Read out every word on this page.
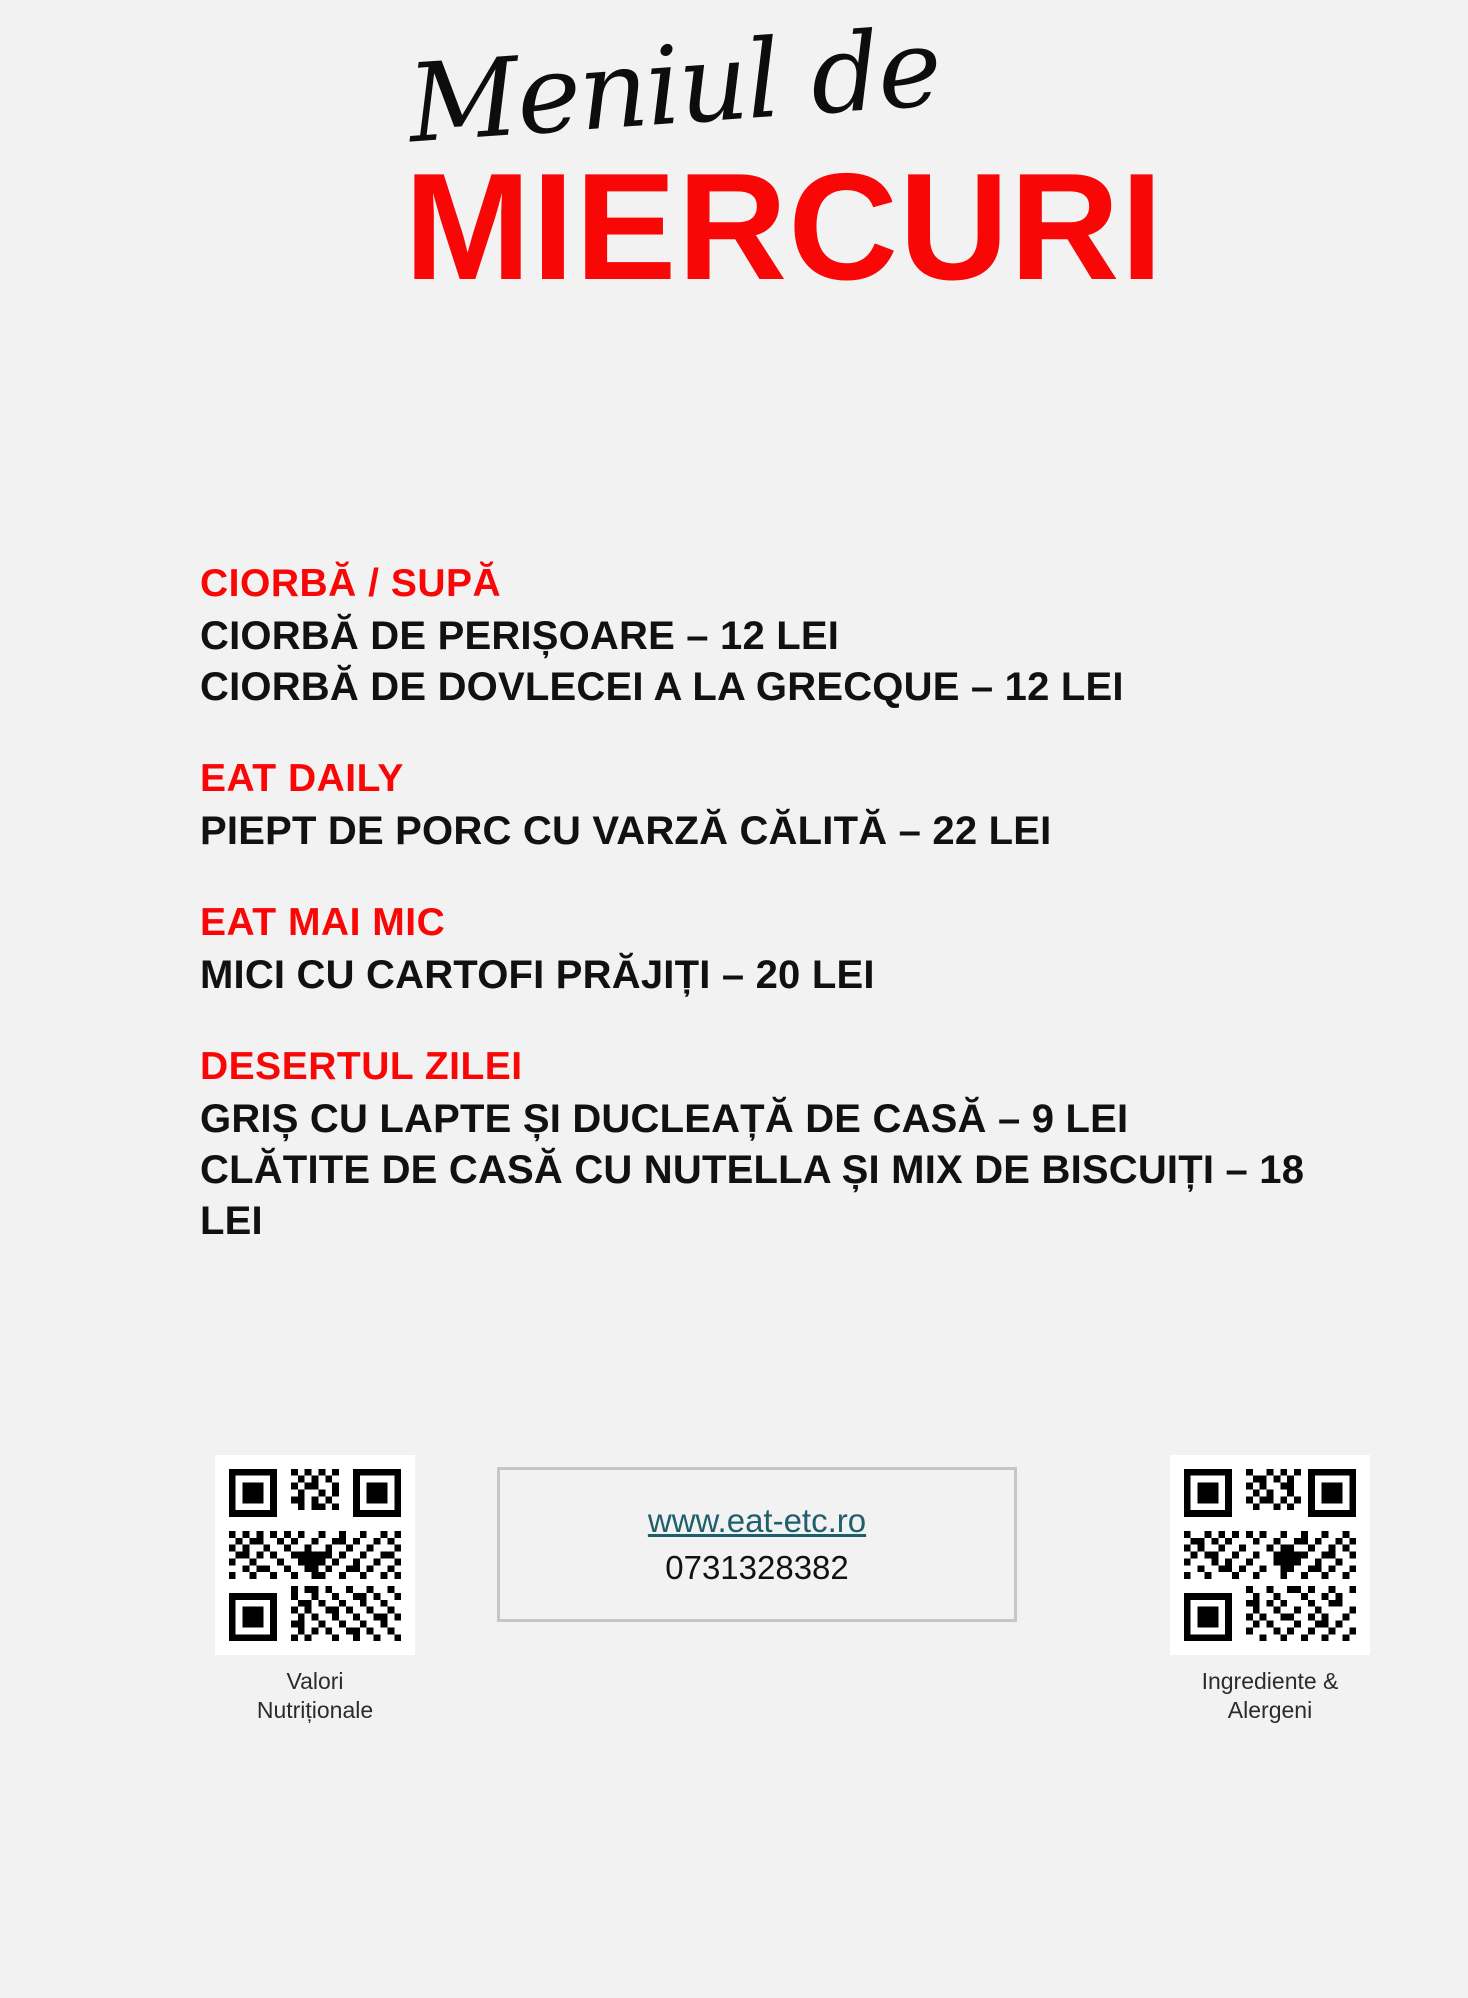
Meniul de
MIERCURI
CIORBĂ / SUPĂ
CIORBĂ DE PERIȘOARE – 12 LEI
CIORBĂ DE DOVLECEI A LA GRECQUE – 12 LEI
EAT DAILY
PIEPT DE PORC CU VARZĂ CĂLITĂ – 22 LEI
EAT MAI MIC
MICI CU CARTOFI PRĂJIȚI – 20 LEI
DESERTUL ZILEI
GRIȘ CU LAPTE ȘI DUCLEAȚĂ DE CASĂ – 9 LEI
CLĂTITE DE CASĂ CU NUTELLA ȘI MIX DE BISCUIȚI – 18 LEI
Valori
Nutriționale
www.eat-etc.ro
0731328382
Ingrediente &
Alergeni
